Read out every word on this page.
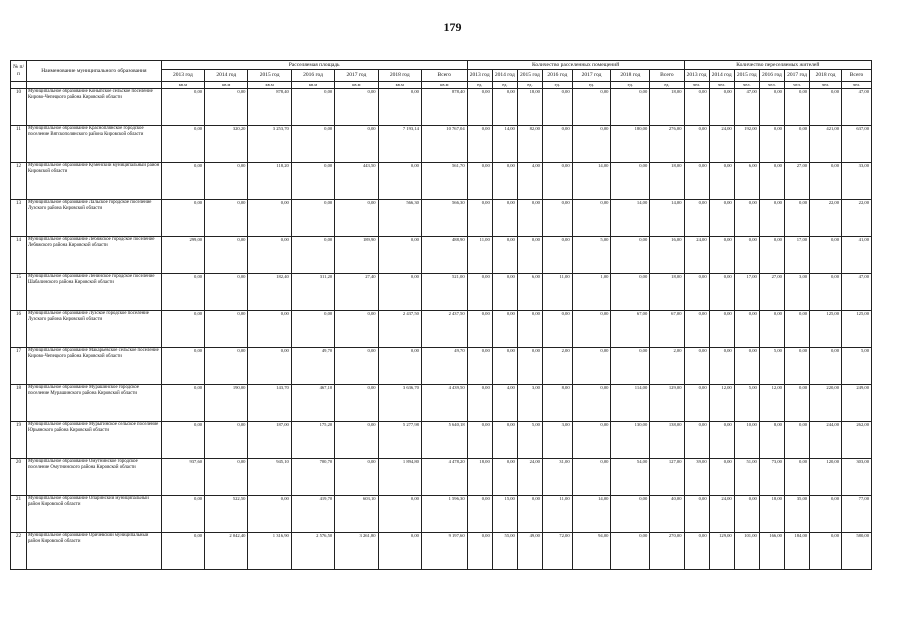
179
№ п/п	Наименование муниципального образования	Расселяемая площадь							Количество расселенных помещений							Количество переселяемых жителей						
		2013 год	2014 год	2015 год	2016 год	2017 год	2018 год	Всего	2013 год	2014 год	2015 год	2016 год	2017 год	2018 год	Всего	2013 год	2014 год	2015 год	2016 год	2017 год	2018 год	Всего
		кв.м	кв.м	кв.м	кв.м	кв.м	кв.м	кв.м	ед.	ед.	ед.	ед.	ед.	ед.	ед.	чел.	чел.	чел.	чел.	чел.	чел.	чел.
10	Муниципальное образование Коныпское сельское поселение Кирово-Чепецкого района Кировской области	0,00	0,00	878,40	0,00	0,00	0,00	878,40	0,00	0,00	18,00	0,00	0,00	0,00	18,00	0,00	0,00	47,00	0,00	0,00	0,00	47,00
11	Муниципальное образование Красноплянское городское поселение Вятскополянского района Кировской области	0,00	320,20	3 253,70	0,00	0,00	7 193,14	10 767,04	0,00	14,00	82,00	0,00	0,00	180,00	276,00	0,00	24,00	192,00	0,00	0,00	421,00	637,00
12	Муниципальное образование Куменский муниципальный район Кировской области	0,00	0,00	118,20	0,00	443,50	0,00	561,70	0,00	0,00	4,00	0,00	14,00	0,00	18,00	0,00	0,00	6,00	0,00	27,00	0,00	33,00
13	Муниципальное образование Лальское городское поселение Лузского района Кировской области	0,00	0,00	0,00	0,00	0,00	566,30	566,30	0,00	0,00	0,00	0,00	0,00	14,00	14,00	0,00	0,00	0,00	0,00	0,00	22,00	22,00
14	Муниципальное образование Лебяжское городское поселение Лебяжского района Кировской области	299,00	0,00	0,00	0,00	189,90	0,00	488,90	11,00	0,00	0,00	0,00	5,00	0,00	16,00	24,00	0,00	0,00	0,00	17,00	0,00	41,00
15	Муниципальное образование Ленинское городское поселение Шабалинского района Кировской области	0,00	0,00	182,40	311,20	27,40	0,00	521,00	0,00	0,00	6,00	11,00	1,00	0,00	18,00	0,00	0,00	17,00	27,00	3,00	0,00	47,00
16	Муниципальное образование Лузское городское поселение Лузского района Кировской области	0,00	0,00	0,00	0,00	0,00	2 437,50	2 437,50	0,00	0,00	0,00	0,00	0,00	67,00	67,00	0,00	0,00	0,00	0,00	0,00	125,00	125,00
17	Муниципальное образование Макарьевское сельское поселение Кирово-Чепецкого района Кировской области	0,00	0,00	0,00	49,70	0,00	0,00	49,70	0,00	0,00	0,00	2,00	0,00	0,00	2,00	0,00	0,00	0,00	5,00	0,00	0,00	5,00
18	Муниципальное образование Мурашинское городское поселение Мурашинского района Кировской области	0,00	190,00	143,70	467,10	0,00	3 636,70	4 439,50	0,00	4,00	3,00	8,00	0,00	114,00	129,00	0,00	12,00	5,00	12,00	0,00	220,00	249,00
19	Муниципальное образование Мурыгинское сельское поселение Юрьянского района Кировской области	0,00	0,00	187,00	175,20	0,00	5 277,98	5 640,18	0,00	0,00	5,00	3,00	0,00	130,00	138,00	0,00	0,00	10,00	8,00	0,00	244,00	262,00
20	Муниципальное образование Омутнинское городское поселение Омутнинского района Кировской области	937,60	0,00	945,10	700,70	0,00	1 894,80	4 478,20	18,00	0,00	24,00	31,00	0,00	54,00	127,00	39,00	0,00	51,00	73,00	0,00	120,00	303,00
21	Муниципальное образование Опаринский муниципальный район Кировской области	0,00	522,50	0,00	419,70	603,10	0,00	1 596,30	0,00	15,00	0,00	11,00	14,00	0,00	40,00	0,00	24,00	0,00	18,00	35,00	0,00	77,00
22	Муниципальное образование Оричевский муниципальный район Кировской области	0,00	2 042,40	1 316,90	2 576,50	3 261,80	0,00	9 197,60	0,00	55,00	49,00	72,00	94,00	0,00	270,00	0,00	129,00	101,00	166,00	184,00	0,00	580,00
